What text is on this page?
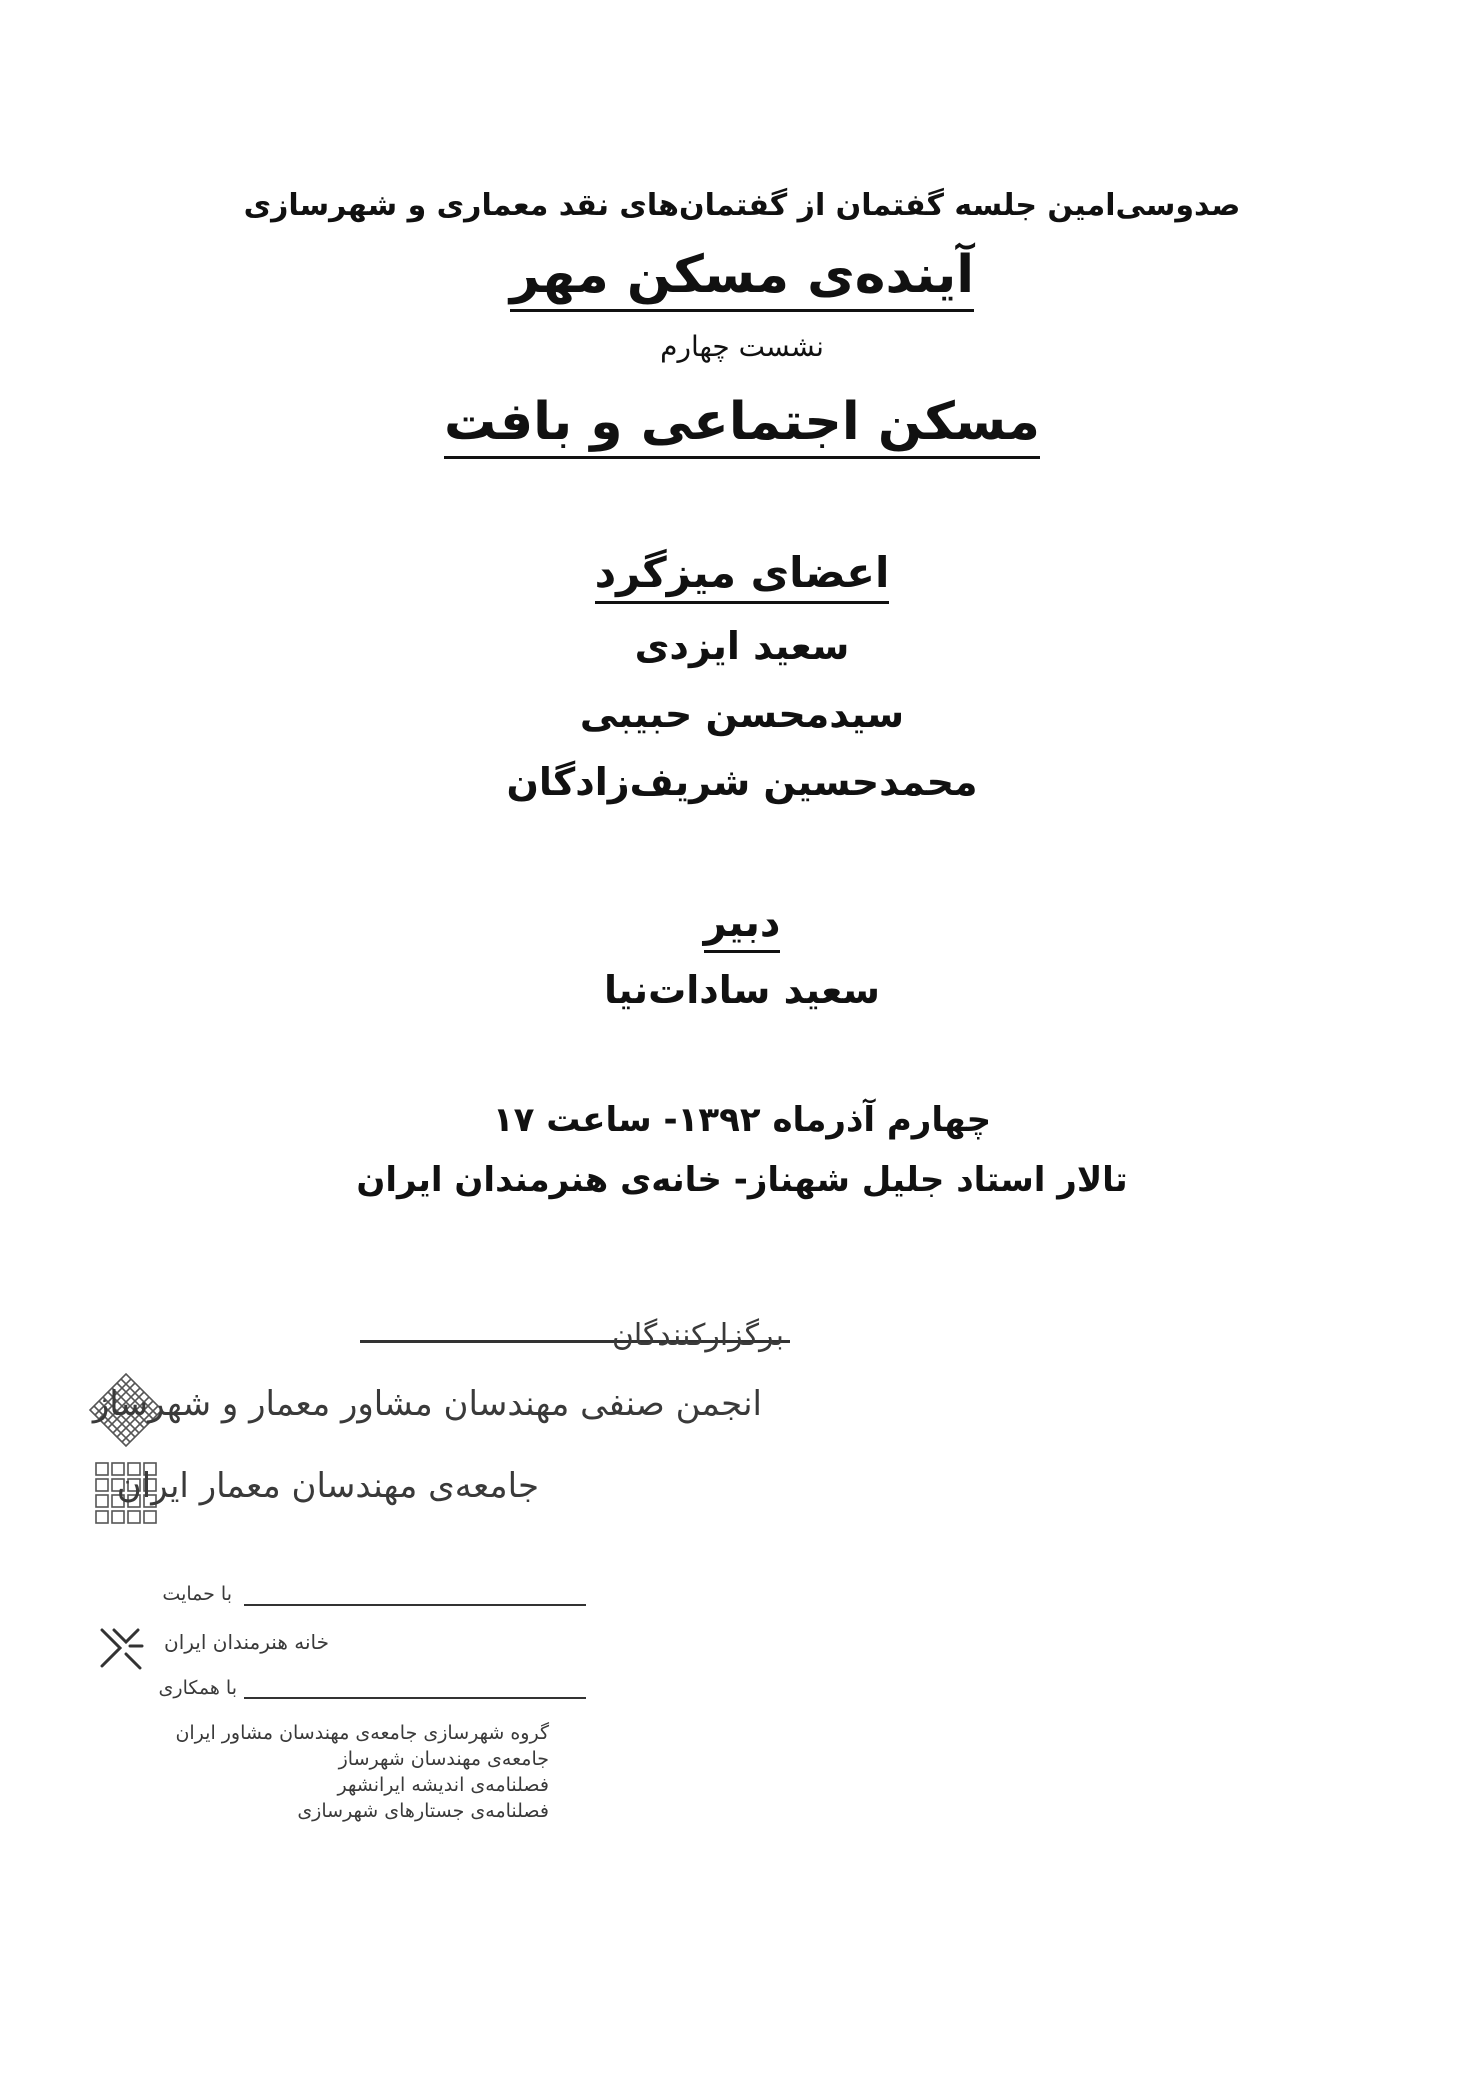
صدوسی‌امین جلسه گفتمان از گفتمان‌های نقد معماری و شهرسازی
آینده‌ی مسکن مهر
نشست چهارم
مسکن اجتماعی و بافت
اعضای میزگرد
سعید ایزدی
سیدمحسن حبیبی
محمدحسین شریف‌زادگان
دبیر
سعید سادات‌نیا
چهارم آذرماه ۱۳۹۲- ساعت ۱۷
تالار استاد جلیل شهناز- خانه‌ی هنرمندان ایران
برگزارکنندگان
انجمن صنفی مهندسان مشاور معمار و شهرساز
جامعه‌ی مهندسان معمار ایران
با حمایت
خانه هنرمندان ایران
با همکاری
گروه شهرسازی جامعه‌ی مهندسان مشاور ایران
جامعه‌ی مهندسان شهرساز
فصلنامه‌ی اندیشه ایرانشهر
فصلنامه‌ی جستارهای شهرسازی
